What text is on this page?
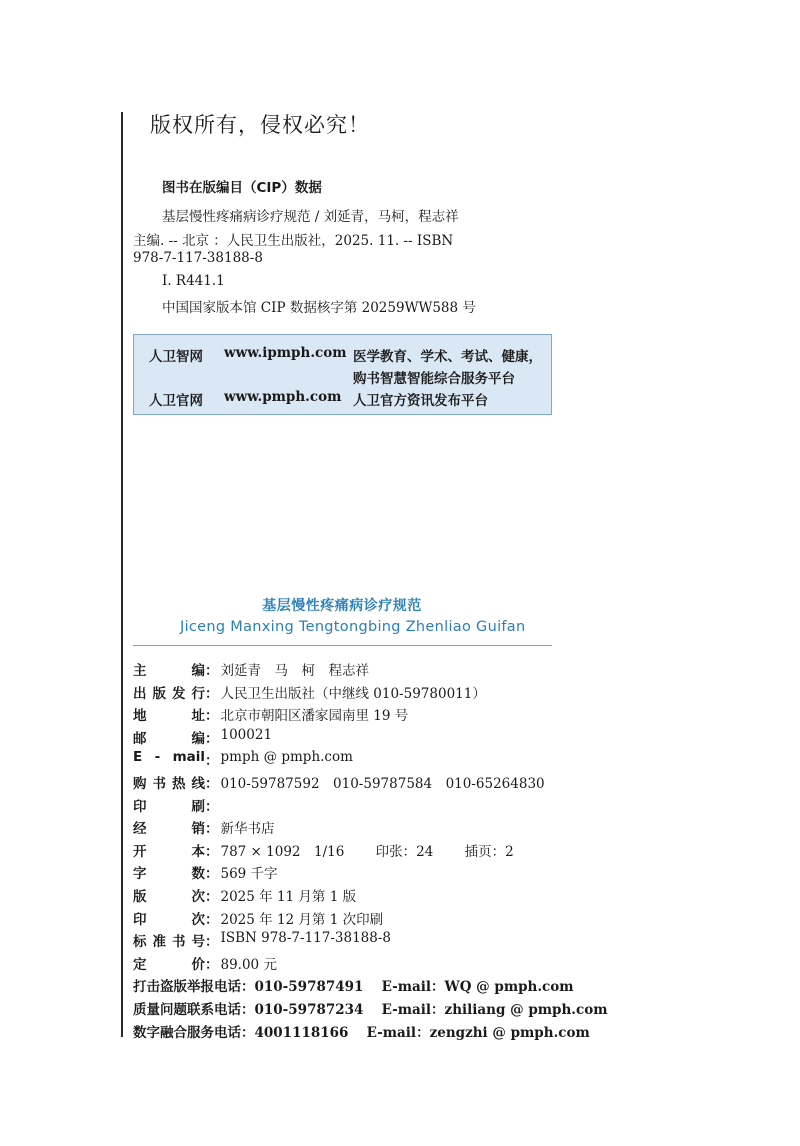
版权所有，侵权必究！
图书在版编目（CIP）数据
基层慢性疼痛病诊疗规范 / 刘延青，马柯，程志祥
主编. -- 北京 ：人民卫生出版社，2025. 11. -- ISBN
978-7-117-38188-8
Ⅰ. R441.1
中国国家版本馆 CIP 数据核字第 20259WW588 号
人卫智网 www.ipmph.com 医学教育、学术、考试、健康，
购书智慧智能综合服务平台
人卫官网 www.pmph.com 人卫官方资讯发布平台
基层慢性疼痛病诊疗规范
Jiceng Manxing Tengtongbing Zhenliao Guifan
主	编 ： 刘延青　马　柯　程志祥
出 版 发 行 ： 人民卫生出版社（中继线 010-59780011）
地	址 ： 北京市朝阳区潘家园南里 19 号
邮	编 ： 100021
E - mail ： pmph @ pmph.com
购 书 热 线 ： 010-59787592　010-59787584　010-65264830
印	刷 ：
经	销 ： 新华书店
开	本 ： 787 × 1092　1/16　　 印张：24　　 插页：2
字	数 ： 569 千字
版	次 ： 2025 年 11 月第 1 版
印	次 ： 2025 年 12 月第 1 次印刷
标 准 书 号 ： ISBN 978-7-117-38188-8
定	价 ： 89.00 元
打击盗版举报电话：010-59787491　 E-mail：WQ @ pmph.com
质量问题联系电话：010-59787234　 E-mail：zhiliang @ pmph.com
数字融合服务电话：4001118166　 E-mail：zengzhi @ pmph.com
